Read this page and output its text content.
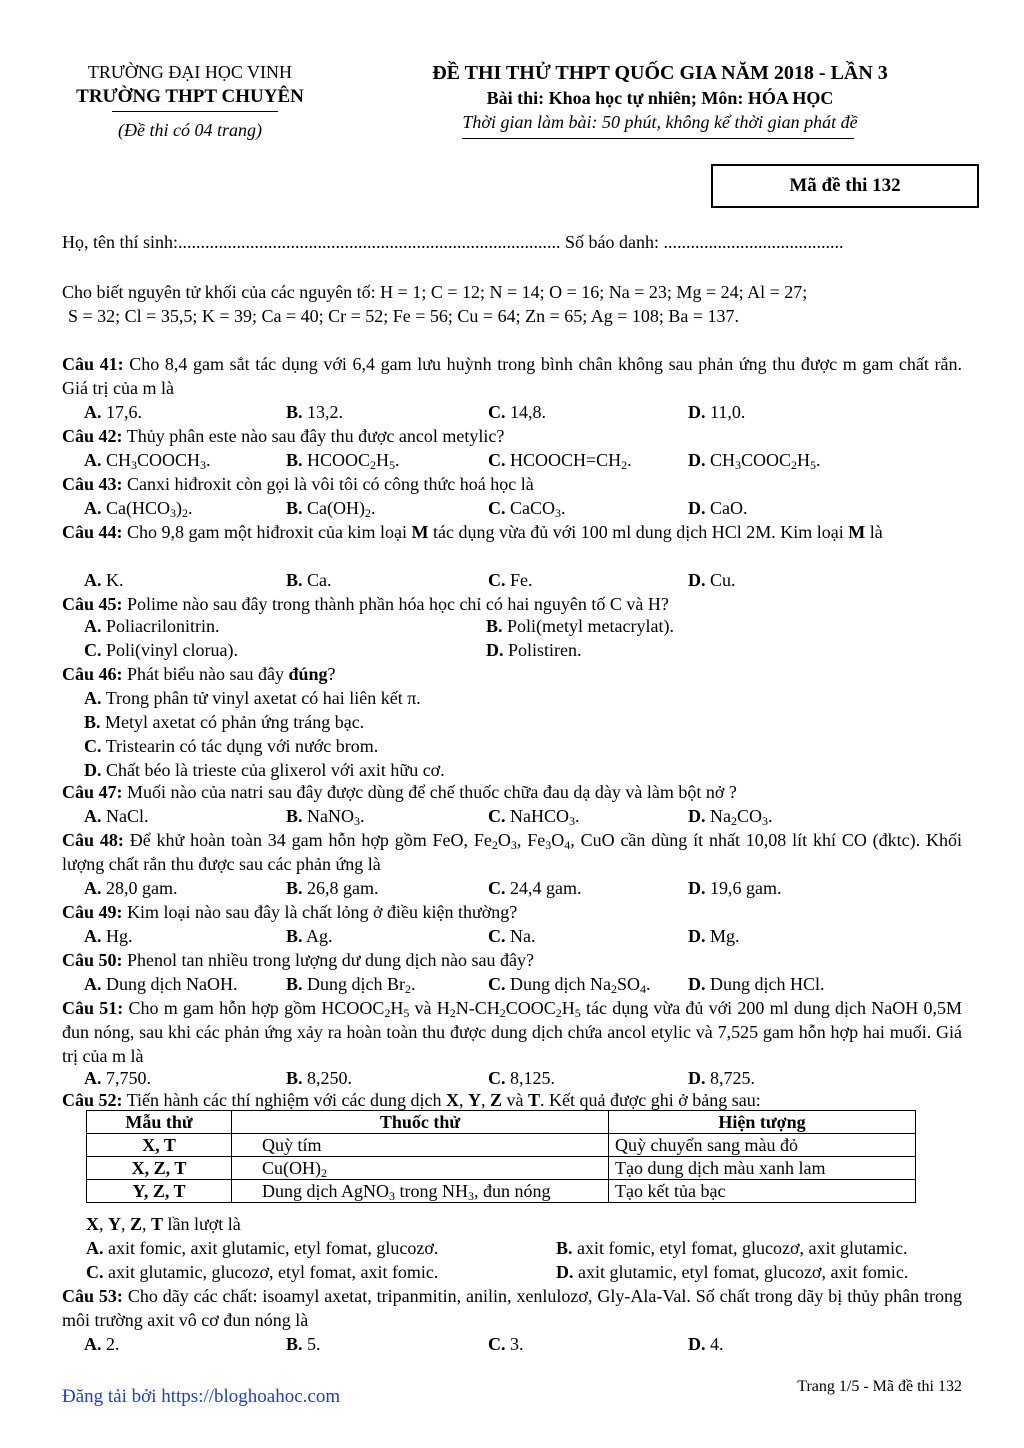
TRƯỜNG ĐẠI HỌC VINH
TRƯỜNG THPT CHUYÊN
(Đề thi có 04 trang)
ĐỀ THI THỬ THPT QUỐC GIA NĂM 2018 - LẦN 3
Bài thi: Khoa học tự nhiên; Môn: HÓA HỌC
Thời gian làm bài: 50 phút, không kể thời gian phát đề
Mã đề thi 132
Họ, tên thí sinh:..................................................................................... Số báo danh: ........................................
Cho biết nguyên tử khối của các nguyên tố: H = 1; C = 12; N = 14; O = 16; Na = 23; Mg = 24; Al = 27;
S = 32; Cl = 35,5; K = 39; Ca = 40; Cr = 52; Fe = 56; Cu = 64; Zn = 65; Ag = 108; Ba = 137.
Câu 41: Cho 8,4 gam sắt tác dụng với 6,4 gam lưu huỳnh trong bình chân không sau phản ứng thu được m gam chất rắn. Giá trị của m là
A. 17,6.	B. 13,2.	C. 14,8.	D. 11,0.
Câu 42: Thủy phân este nào sau đây thu được ancol metylic?
A. $CH_3COOCH_3$.	B. $HCOOC_2H_5$.	C. $HCOOCH=CH_2$.	D. $CH_3COOC_2H_5$.
Câu 43: Canxi hiđroxit còn gọi là vôi tôi có công thức hoá học là
A. $Ca(HCO_3)_2$.	B. $Ca(OH)_2$.	C. CaCO$_3$.	D. CaO.
Câu 44: Cho 9,8 gam một hiđroxit của kim loại M tác dụng vừa đủ với 100 ml dung dịch HCl 2M. Kim loại M là
A. K.	B. Ca.	C. Fe.	D. Cu.
Câu 45: Polime nào sau đây trong thành phần hóa học chỉ có hai nguyên tố C và H?
A. Poliacrilonitrin.	B. Poli(metyl metacrylat).
C. Poli(vinyl clorua).	D. Polistiren.
Câu 46: Phát biểu nào sau đây đúng?
A. Trong phân tử vinyl axetat có hai liên kết π.
B. Metyl axetat có phản ứng tráng bạc.
C. Tristearin có tác dụng với nước brom.
D. Chất béo là trieste của glixerol với axit hữu cơ.
Câu 47: Muối nào của natri sau đây được dùng để chế thuốc chữa đau dạ dày và làm bột nở ?
A. NaCl.	B. NaNO$_3$.	C. NaHCO$_3$.	D. $Na_2CO_3$.
Câu 48: Để khử hoàn toàn 34 gam hỗn hợp gồm FeO, $Fe_2O_3$, $Fe_3O_4$, CuO cần dùng ít nhất 10,08 lít khí CO (đktc). Khối lượng chất rắn thu được sau các phản ứng là
A. 28,0 gam.	B. 26,8 gam.	C. 24,4 gam.	D. 19,6 gam.
Câu 49: Kim loại nào sau đây là chất lỏng ở điều kiện thường?
A. Hg.	B. Ag.	C. Na.	D. Mg.
Câu 50: Phenol tan nhiều trong lượng dư dung dịch nào sau đây?
A. Dung dịch NaOH.	B. Dung dịch $Br_2$.	C. Dung dịch $Na_2SO_4$. D. Dung dịch HCl.
Câu 51: Cho m gam hỗn hợp gồm $HCOOC_2H_5$ và $H_2N-CH_2COOC_2H_5$ tác dụng vừa đủ với 200 ml dung dịch NaOH 0,5M đun nóng, sau khi các phản ứng xảy ra hoàn toàn thu được dung dịch chứa ancol etylic và 7,525 gam hỗn hợp hai muối. Giá trị của m là
A. 7,750.	B. 8,250.	C. 8,125.	D. 8,725.
Câu 52: Tiến hành các thí nghiệm với các dung dịch X, Y, Z và T. Kết quả được ghi ở bảng sau:
Mẫu thử	Thuốc thử	Hiện tượng
X, T	Quỳ tím	Quỳ chuyển sang màu đỏ
X, Z, T	$Cu(OH)_2$	Tạo dung dịch màu xanh lam
Y, Z, T	Dung dịch AgNO$_3$ trong $NH_3$, đun nóng	Tạo kết tủa bạc
X, Y, Z, T lần lượt là
A. axit fomic, axit glutamic, etyl fomat, glucozơ.	B. axit fomic, etyl fomat, glucozơ, axit glutamic.
C. axit glutamic, glucozơ, etyl fomat, axit fomic.	D. axit glutamic, etyl fomat, glucozơ, axit fomic.
Câu 53: Cho dãy các chất: isoamyl axetat, tripanmitin, anilin, xenlulozơ, Gly-Ala-Val. Số chất trong dãy bị thủy phân trong môi trường axit vô cơ đun nóng là
A. 2.	B. 5.	C. 3.	D. 4.
Đăng tải bởi https://bloghoahoc.com	Trang 1/5 - Mã đề thi 132
